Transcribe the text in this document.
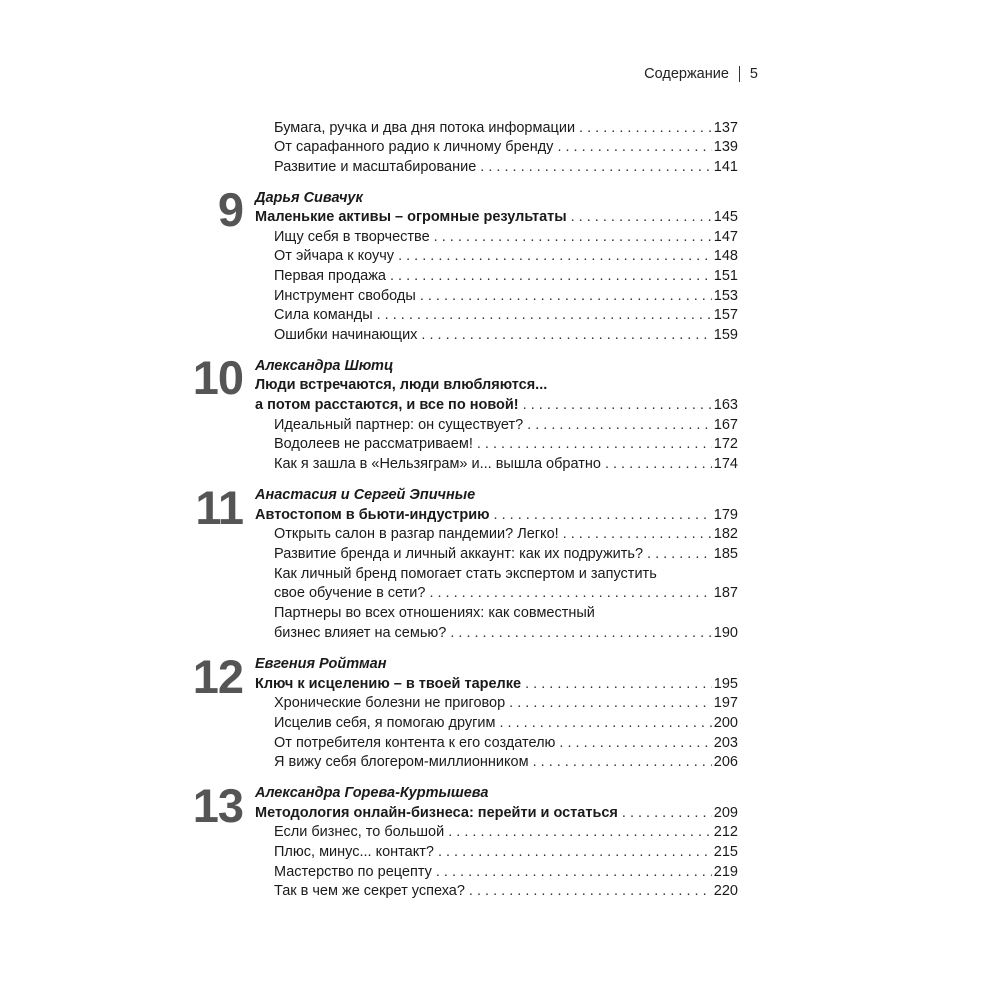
Содержание 5
Бумага, ручка и два дня потока информации . . .	137
От сарафанного радио к личному бренду . . .	139
Развитие и масштабирование . . .	141
9 Дарья Сивачук
Маленькие активы – огромные результаты . . .	145
Ищу себя в творчестве . . .	147
От эйчара к коучу . . .	148
Первая продажа . . .	151
Инструмент свободы . . .	153
Сила команды . . .	157
Ошибки начинающих . . .	159
10 Александра Шютц
Люди встречаются, люди влюбляются...
а потом расстаются, и все по новой! . . .	163
Идеальный партнер: он существует? . . .	167
Водолеев не рассматриваем! . . .	172
Как я зашла в «Нельзяграм» и... вышла обратно . . .	174
11 Анастасия и Сергей Эпичные
Автостопом в бьюти-индустрию . . .	179
Открыть салон в разгар пандемии? Легко! . . .	182
Развитие бренда и личный аккаунт: как их подружить? . . .	185
Как личный бренд помогает стать экспертом и запустить
свое обучение в сети? . . .	187
Партнеры во всех отношениях: как совместный
бизнес влияет на семью? . . .	190
12 Евгения Ройтман
Ключ к исцелению – в твоей тарелке . . .	195
Хронические болезни не приговор . . .	197
Исцелив себя, я помогаю другим . . .	200
От потребителя контента к его создателю . . .	203
Я вижу себя блогером-миллионником . . .	206
13 Александра Горева-Куртышева
Методология онлайн-бизнеса: перейти и остаться . . .	209
Если бизнес, то большой . . .	212
Плюс, минус... контакт? . . .	215
Мастерство по рецепту . . .	219
Так в чем же секрет успеха? . . .	220
